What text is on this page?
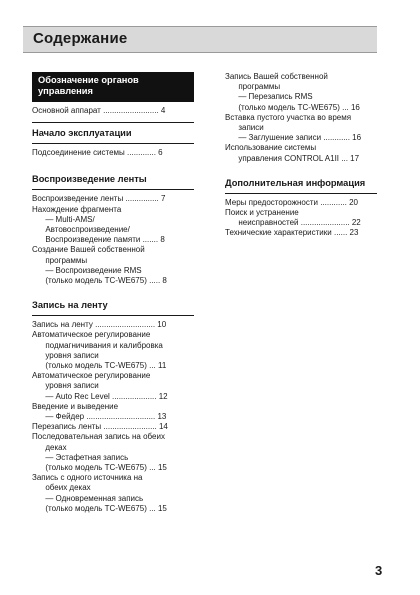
Содержание
Обозначение органов
управления

Основной аппарат ......................... 4

Начало эксплуатации

Подсоединение системы ............. 6

Воспроизведение ленты

Воспроизведение ленты ............... 7

Нахождение фрагмента
— Multi-AMS/
Автовоспроизведение/
Воспроизведение памяти ....... 8

Создание Вашей собственной
программы
— Воспроизведение RMS
(только модель TC-WE675) ..... 8

Запись на ленту

Запись на ленту ........................... 10

Автоматическое регулирование
подмагничивания и калибровка
уровня записи
(только модель TC-WE675) ... 11

Автоматическое регулирование
уровня записи
— Auto Rec Level .................... 12

Введение и выведение
— Фейдер ............................... 13

Перезапись ленты ........................ 14

Последовательная запись на обеих
деках
— Эстафетная запись
(только модель TC-WE675) ... 15

Запись с одного источника на
обеих деках
— Одновременная запись
(только модель TC-WE675) ... 15

Запись Вашей собственной
программы
— Перезапись RMS
(только модель TC-WE675) ... 16

Вставка пустого участка во время
записи
— Заглушение записи ............ 16

Использование системы
управления CONTROL A1II ... 17

Дополнительная информация

Меры предосторожности ............ 20

Поиск и устранение
неисправностей ...................... 22

Технические характеристики ...... 23

3
